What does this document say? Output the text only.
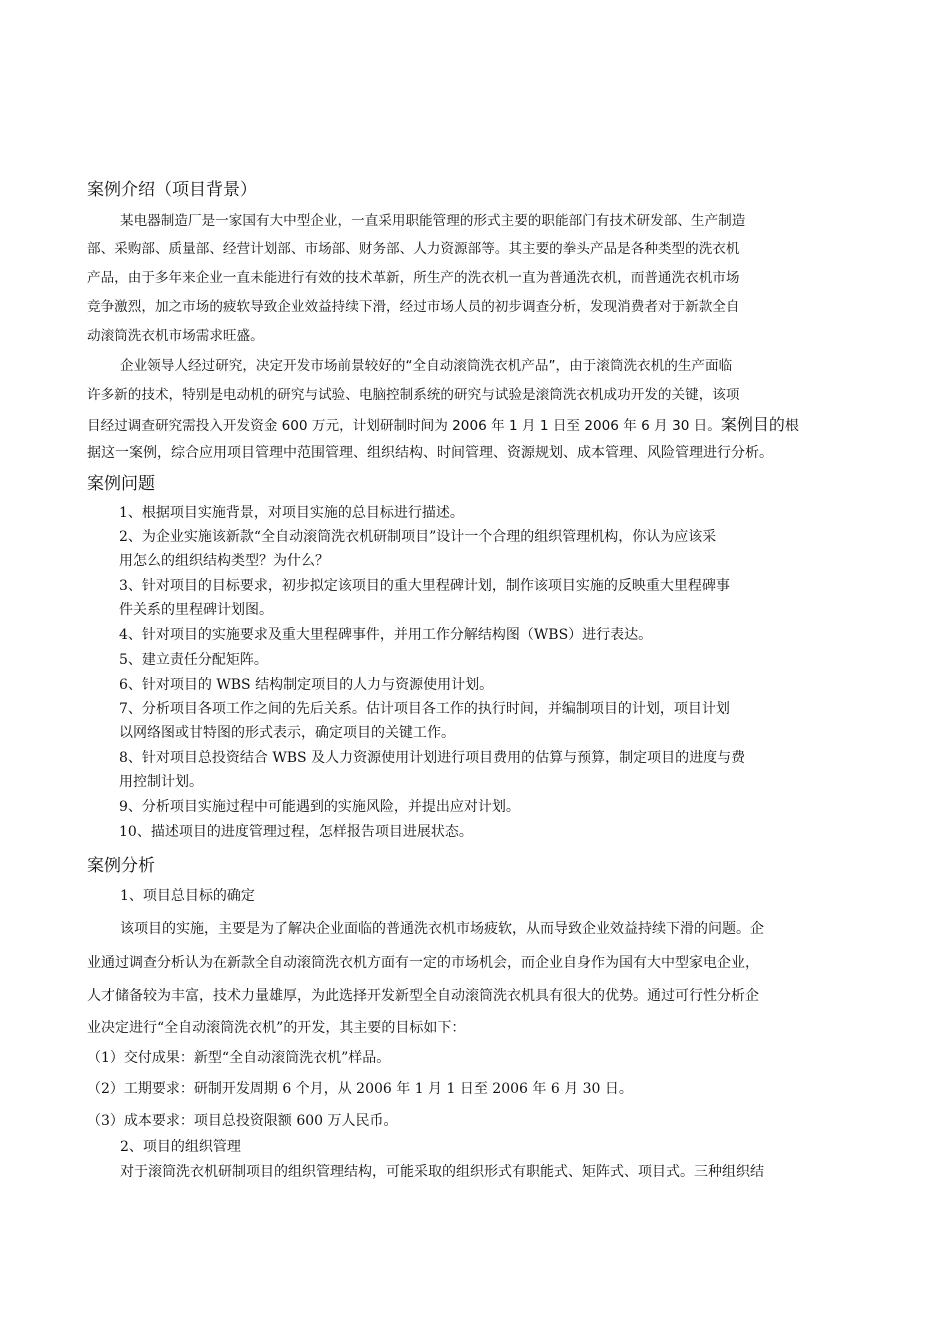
案例介绍（项目背景）
某电器制造厂是一家国有大中型企业，一直采用职能管理的形式主要的职能部门有技术研发部、生产制造
部、采购部、质量部、经营计划部、市场部、财务部、人力资源部等。其主要的拳头产品是各种类型的洗衣机
产品，由于多年来企业一直未能进行有效的技术革新，所生产的洗衣机一直为普通洗衣机，而普通洗衣机市场
竞争激烈，加之市场的疲软导致企业效益持续下滑，经过市场人员的初步调查分析，发现消费者对于新款全自
动滚筒洗衣机市场需求旺盛。
企业领导人经过研究，决定开发市场前景较好的“全自动滚筒洗衣机产品”，由于滚筒洗衣机的生产面临
许多新的技术，特别是电动机的研究与试验、电脑控制系统的研究与试验是滚筒洗衣机成功开发的关键，该项
目经过调查研究需投入开发资金 600 万元，计划研制时间为 2006 年 1 月 1 日至 2006 年 6 月 30 日。案例目的根
据这一案例，综合应用项目管理中范围管理、组织结构、时间管理、资源规划、成本管理、风险管理进行分析。
案例问题
1、根据项目实施背景，对项目实施的总目标进行描述。
2、为企业实施该新款“全自动滚筒洗衣机研制项目”设计一个合理的组织管理机构，你认为应该采
用怎么的组织结构类型？为什么？
3、针对项目的目标要求，初步拟定该项目的重大里程碑计划，制作该项目实施的反映重大里程碑事
件关系的里程碑计划图。
4、针对项目的实施要求及重大里程碑事件，并用工作分解结构图（WBS）进行表达。
5、建立责任分配矩阵。
6、针对项目的 WBS 结构制定项目的人力与资源使用计划。
7、分析项目各项工作之间的先后关系。估计项目各工作的执行时间，并编制项目的计划，项目计划
以网络图或甘特图的形式表示，确定项目的关键工作。
8、针对项目总投资结合 WBS 及人力资源使用计划进行项目费用的估算与预算，制定项目的进度与费
用控制计划。
9、分析项目实施过程中可能遇到的实施风险，并提出应对计划。
10、描述项目的进度管理过程，怎样报告项目进展状态。
案例分析
1、项目总目标的确定
该项目的实施，主要是为了解决企业面临的普通洗衣机市场疲软，从而导致企业效益持续下滑的问题。企
业通过调查分析认为在新款全自动滚筒洗衣机方面有一定的市场机会，而企业自身作为国有大中型家电企业，
人才储备较为丰富，技术力量雄厚，为此选择开发新型全自动滚筒洗衣机具有很大的优势。通过可行性分析企
业决定进行“全自动滚筒洗衣机”的开发，其主要的目标如下：
（1）交付成果：新型“全自动滚筒洗衣机”样品。
（2）工期要求：研制开发周期 6 个月，从 2006 年 1 月 1 日至 2006 年 6 月 30 日。
（3）成本要求：项目总投资限额 600 万人民币。
2、项目的组织管理
对于滚筒洗衣机研制项目的组织管理结构，可能采取的组织形式有职能式、矩阵式、项目式。三种组织结
